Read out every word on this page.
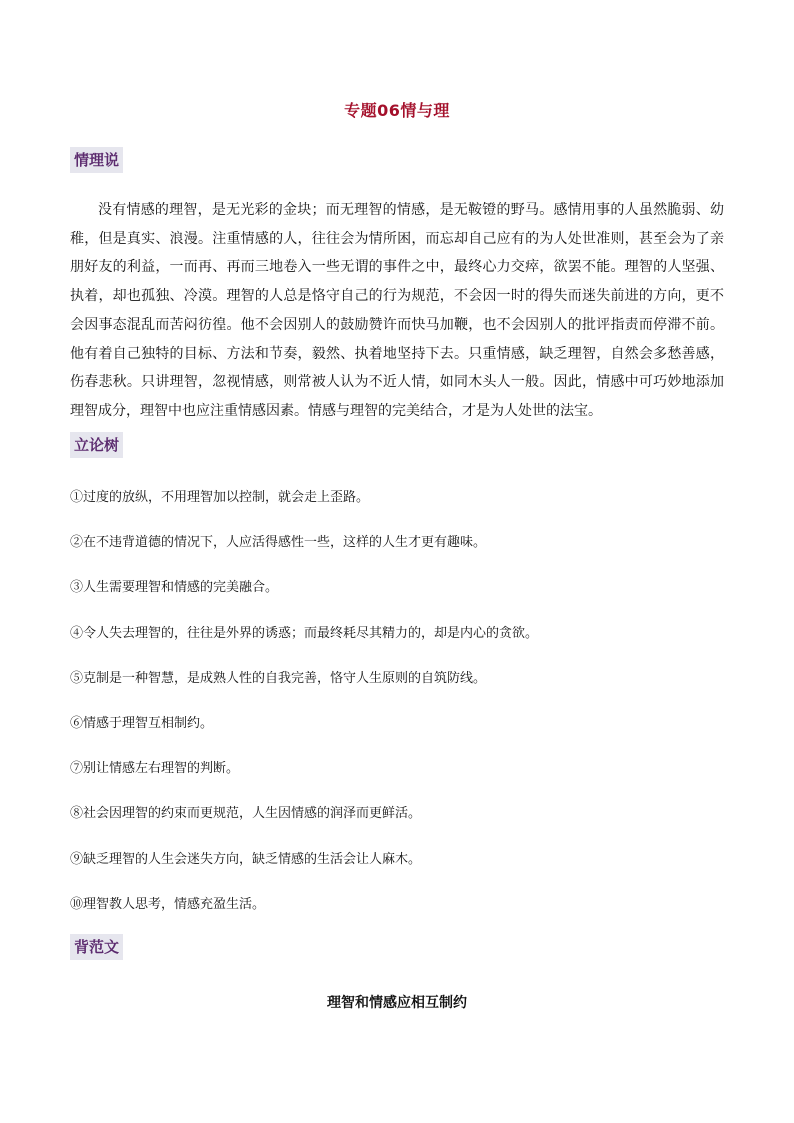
专题06情与理
情理说

没有情感的理智，是无光彩的金块；而无理智的情感，是无鞍镫的野马。感情用事的人虽然脆弱、幼稚，但是真实、浪漫。注重情感的人，往往会为情所困，而忘却自己应有的为人处世准则，甚至会为了亲朋好友的利益，一而再、再而三地卷入一些无谓的事件之中，最终心力交瘁，欲罢不能。理智的人坚强、执着，却也孤独、冷漠。理智的人总是恪守自己的行为规范，不会因一时的得失而迷失前进的方向，更不会因事态混乱而苦闷彷徨。他不会因别人的鼓励赞许而快马加鞭，也不会因别人的批评指责而停滞不前。他有着自己独特的目标、方法和节奏，毅然、执着地坚持下去。只重情感，缺乏理智，自然会多愁善感，伤春悲秋。只讲理智，忽视情感，则常被人认为不近人情，如同木头人一般。因此，情感中可巧妙地添加理智成分，理智中也应注重情感因素。情感与理智的完美结合，才是为人处世的法宝。

立论树
①过度的放纵，不用理智加以控制，就会走上歪路。
②在不违背道德的情况下，人应活得感性一些，这样的人生才更有趣味。
③人生需要理智和情感的完美融合。
④令人失去理智的，往往是外界的诱惑；而最终耗尽其精力的，却是内心的贪欲。
⑤克制是一种智慧，是成熟人性的自我完善，恪守人生原则的自筑防线。
⑥情感于理智互相制约。
⑦别让情感左右理智的判断。
⑧社会因理智的约束而更规范，人生因情感的润泽而更鲜活。
⑨缺乏理智的人生会迷失方向，缺乏情感的生活会让人麻木。
⑩理智教人思考，情感充盈生活。
背范文
理智和情感应相互制约
